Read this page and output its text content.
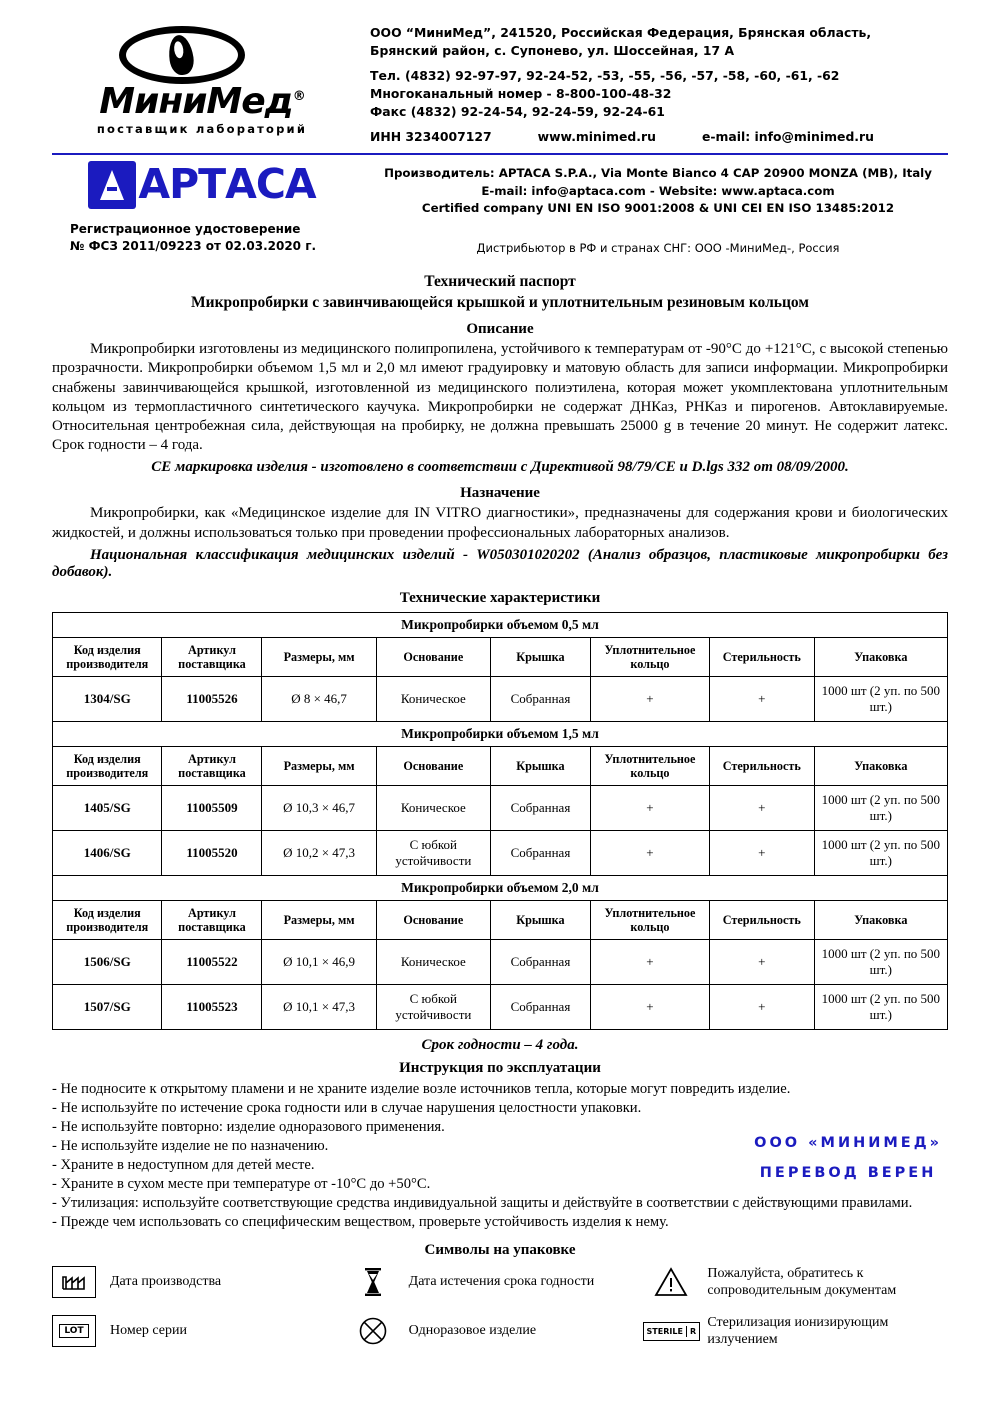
МиниМед®
поставщик лабораторий
ООО “МиниМед”, 241520, Российская Федерация, Брянская область,
Брянский район, с. Супонево, ул. Шоссейная, 17 А
Тел. (4832) 92-97-97, 92-24-52, -53, -55, -56, -57, -58, -60, -61, -62
Многоканальный номер - 8-800-100-48-32
Факс (4832) 92-24-54, 92-24-59, 92-24-61
ИНН 3234007127	www.minimed.ru	e-mail: info@minimed.ru
АРТАСА
Регистрационное удостоверение
№ ФСЗ 2011/09223 от 02.03.2020 г.
Производитель: APTACA S.P.A., Via Monte Bianco 4 CAP 20900 MONZA (MB), Italy
E-mail: info@aptaca.com - Website: www.aptaca.com
Certified company UNI EN ISO 9001:2008 & UNI CEI EN ISO 13485:2012
Дистрибьютор в РФ и странах СНГ: ООО -МиниМед-, Россия
Технический паспорт
Микропробирки с завинчивающейся крышкой и уплотнительным резиновым кольцом
Описание

Микропробирки изготовлены из медицинского полипропилена, устойчивого к температурам от -90°С до +121°С, с высокой степенью прозрачности. Микропробирки объемом 1,5 мл и 2,0 мл имеют градуировку и матовую область для записи информации. Микропробирки снабжены завинчивающейся крышкой, изготовленной из медицинского полиэтилена, которая может укомплектована уплотнительным кольцом из термопластичного синтетического каучука. Микропробирки не содержат ДНКаз, РНКаз и пирогенов. Автоклавируемые. Относительная центробежная сила, действующая на пробирку, не должна превышать 25000 g в течение 20 минут. Не содержит латекс. Срок годности – 4 года.

CE маркировка изделия - изготовлено в соответствии с Директивой 98/79/СЕ и D.lgs 332 от 08/09/2000.

Назначение

Микропробирки, как «Медицинское изделие для IN VITRO диагностики», предназначены для содержания крови и биологических жидкостей, и должны использоваться только при проведении профессиональных лабораторных анализов.

Национальная классификация медицинских изделий - W050301020202 (Анализ образцов, пластиковые микропробирки без добавок).

Технические характеристики
Микропробирки объемом 0,5 мл							
Код изделия производителя	Артикул поставщика	Размеры, мм	Основание	Крышка	Уплотнительное кольцо	Стерильность	Упаковка
1304/SG	11005526	Ø 8 × 46,7	Коническое	Собранная	+	+	1000 шт (2 уп. по 500 шт.)
Микропробирки объемом 1,5 мл							
Код изделия производителя	Артикул поставщика	Размеры, мм	Основание	Крышка	Уплотнительное кольцо	Стерильность	Упаковка
1405/SG	11005509	Ø 10,3 × 46,7	Коническое	Собранная	+	+	1000 шт (2 уп. по 500 шт.)
1406/SG	11005520	Ø 10,2 × 47,3	С юбкой устойчивости	Собранная	+	+	1000 шт (2 уп. по 500 шт.)
Микропробирки объемом 2,0 мл							
Код изделия производителя	Артикул поставщика	Размеры, мм	Основание	Крышка	Уплотнительное кольцо	Стерильность	Упаковка
1506/SG	11005522	Ø 10,1 × 46,9	Коническое	Собранная	+	+	1000 шт (2 уп. по 500 шт.)
1507/SG	11005523	Ø 10,1 × 47,3	С юбкой устойчивости	Собранная	+	+	1000 шт (2 уп. по 500 шт.)
Срок годности – 4 года.
Инструкция по эксплуатации
- Не подносите к открытому пламени и не храните изделие возле источников тепла, которые могут повредить изделие.
- Не используйте по истечение срока годности или в случае нарушения целостности упаковки.
- Не используйте повторно: изделие одноразового применения.
- Не используйте изделие не по назначению.
- Храните в недоступном для детей месте.
- Храните в сухом месте при температуре от -10°С до +50°С.
- Утилизация: используйте соответствующие средства индивидуальной защиты и действуйте в соответствии с действующими правилами.
- Прежде чем использовать со специфическим веществом, проверьте устойчивость изделия к нему.
ООО «МИНИМЕД»
ПЕРЕВОД ВЕРЕН
Символы на упаковке
Дата производства	Дата истечения срока годности
Пожалуйста, обратитесь к сопроводительным документам
LOT	Номер серии	Одноразовое изделие	STERILE R
Стерилизация ионизирующим излучением
